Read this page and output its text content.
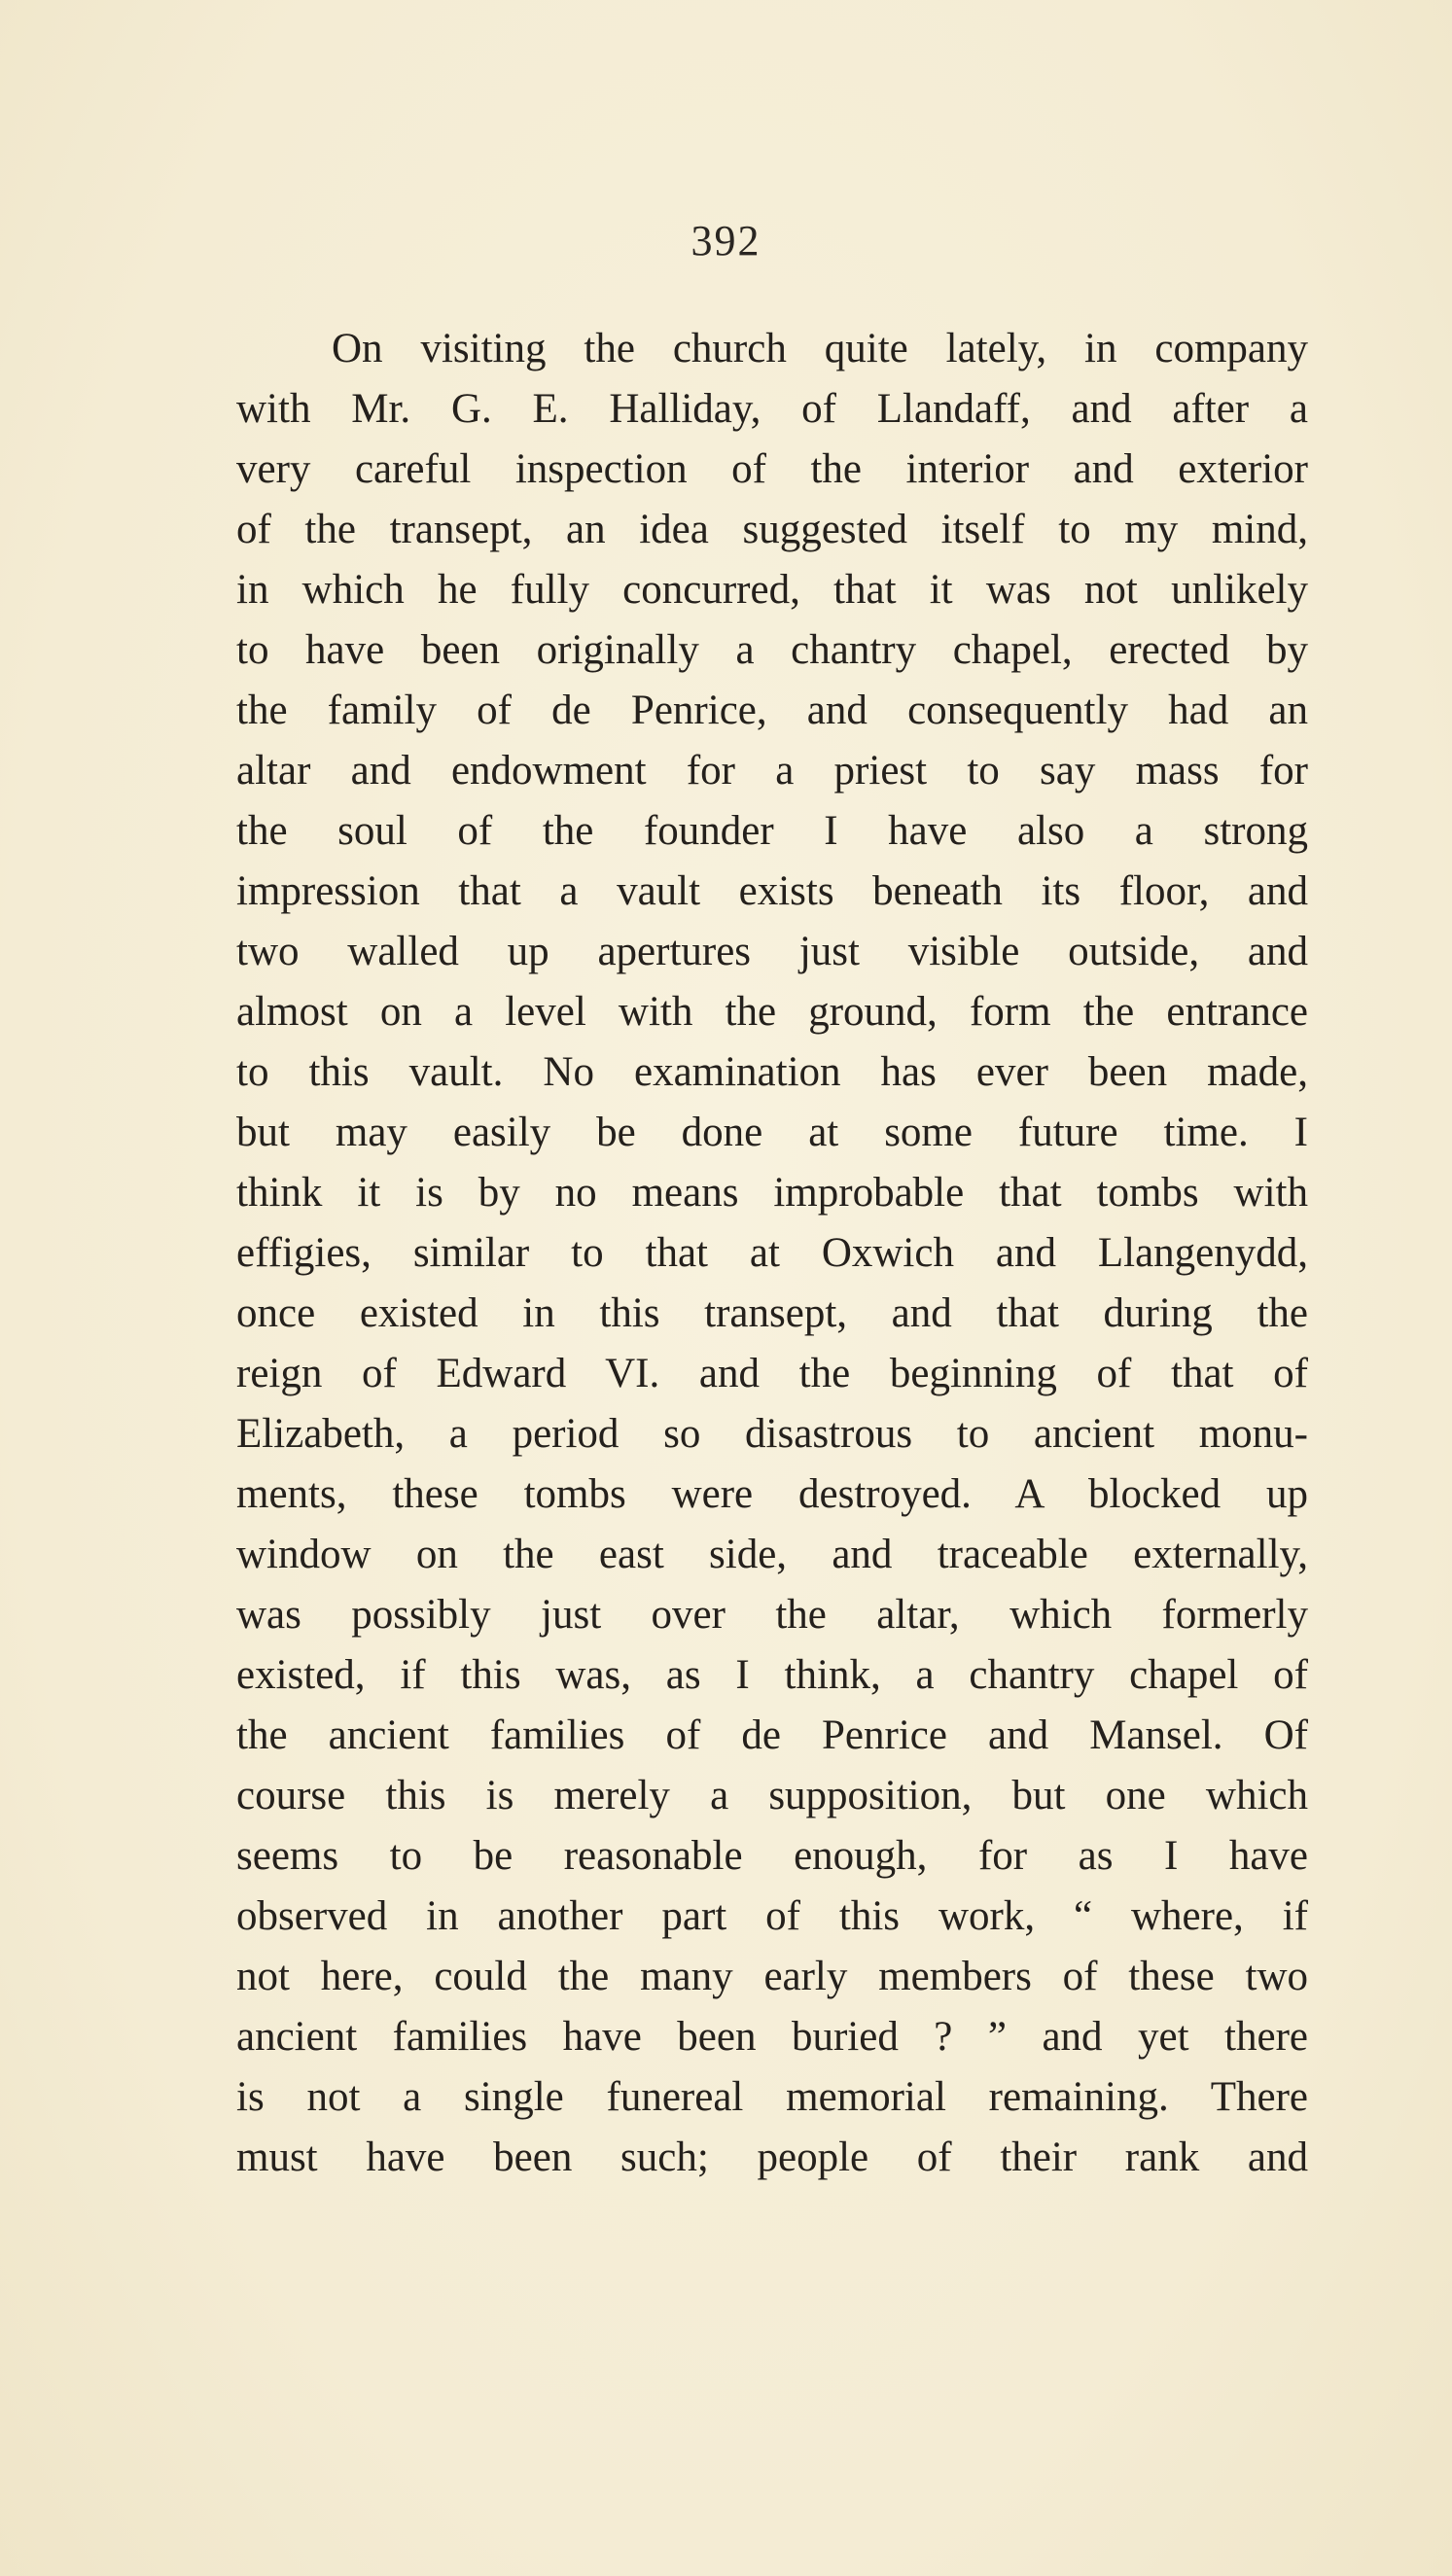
392
On visiting the church quite lately, in company
with Mr. G. E. Halliday, of Llandaff, and after a
very careful inspection of the interior and exterior
of the transept, an idea suggested itself to my mind,
in which he fully concurred, that it was not unlikely
to have been originally a chantry chapel, erected by
the family of de Penrice, and consequently had an
altar and endowment for a priest to say mass for
the soul of the founder I have also a strong
impression that a vault exists beneath its floor, and
two walled up apertures just visible outside, and
almost on a level with the ground, form the entrance
to this vault. No examination has ever been made,
but may easily be done at some future time. I
think it is by no means improbable that tombs with
effigies, similar to that at Oxwich and Llangenydd,
once existed in this transept, and that during the
reign of Edward VI. and the beginning of that of
Elizabeth, a period so disastrous to ancient monu-
ments, these tombs were destroyed. A blocked up
window on the east side, and traceable externally,
was possibly just over the altar, which formerly
existed, if this was, as I think, a chantry chapel of
the ancient families of de Penrice and Mansel. Of
course this is merely a supposition, but one which
seems to be reasonable enough, for as I have
observed in another part of this work, “ where, if
not here, could the many early members of these two
ancient families have been buried ? ” and yet there
is not a single funereal memorial remaining. There
must have been such; people of their rank and
